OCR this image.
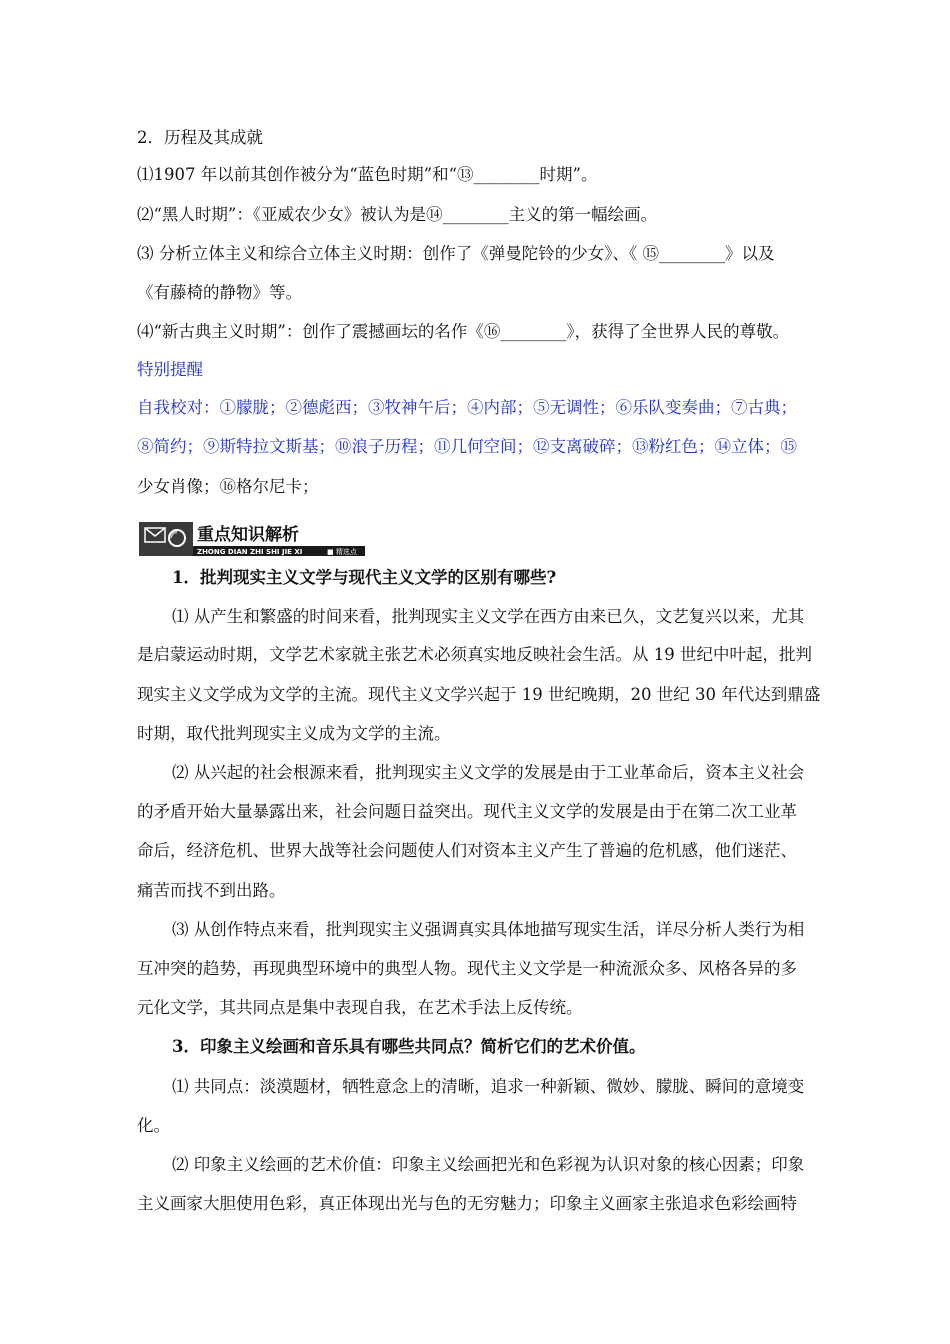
2．历程及其成就
⑴1907 年以前其创作被分为“蓝色时期”和“⑬________时期”。
⑵“黑人时期”：《亚威农少女》被认为是⑭________主义的第一幅绘画。
⑶ 分析立体主义和综合立体主义时期：创作了《弹曼陀铃的少女》、《 ⑮________》以及
《有藤椅的静物》等。
⑷“新古典主义时期”：创作了震撼画坛的名作《⑯________》，获得了全世界人民的尊敬。
特别提醒
自我校对：①朦胧；②德彪西；③牧神午后；④内部；⑤无调性；⑥乐队变奏曲；⑦古典；
⑧简约；⑨斯特拉文斯基；⑩浪子历程；⑪几何空间；⑫支离破碎；⑬粉红色；⑭立体；⑮
少女肖像；⑯格尔尼卡；
重点知识解析
ZHONG DIAN ZHI SHI JIE XI	■ 精选点
1．批判现实主义文学与现代主义文学的区别有哪些?
⑴ 从产生和繁盛的时间来看，批判现实主义文学在西方由来已久，文艺复兴以来，尤其
是启蒙运动时期，文学艺术家就主张艺术必须真实地反映社会生活。从 19 世纪中叶起，批判
现实主义文学成为文学的主流。现代主义文学兴起于 19 世纪晚期，20 世纪 30 年代达到鼎盛
时期，取代批判现实主义成为文学的主流。
⑵ 从兴起的社会根源来看，批判现实主义文学的发展是由于工业革命后，资本主义社会
的矛盾开始大量暴露出来，社会问题日益突出。现代主义文学的发展是由于在第二次工业革
命后，经济危机、世界大战等社会问题使人们对资本主义产生了普遍的危机感，他们迷茫、
痛苦而找不到出路。
⑶ 从创作特点来看，批判现实主义强调真实具体地描写现实生活，详尽分析人类行为相
互冲突的趋势，再现典型环境中的典型人物。现代主义文学是一种流派众多、风格各异的多
元化文学，其共同点是集中表现自我，在艺术手法上反传统。
3．印象主义绘画和音乐具有哪些共同点？简析它们的艺术价值。
⑴ 共同点：淡漠题材，牺牲意念上的清晰，追求一种新颖、微妙、朦胧、瞬间的意境变
化。
⑵ 印象主义绘画的艺术价值：印象主义绘画把光和色彩视为认识对象的核心因素；印象
主义画家大胆使用色彩，真正体现出光与色的无穷魅力；印象主义画家主张追求色彩绘画特
